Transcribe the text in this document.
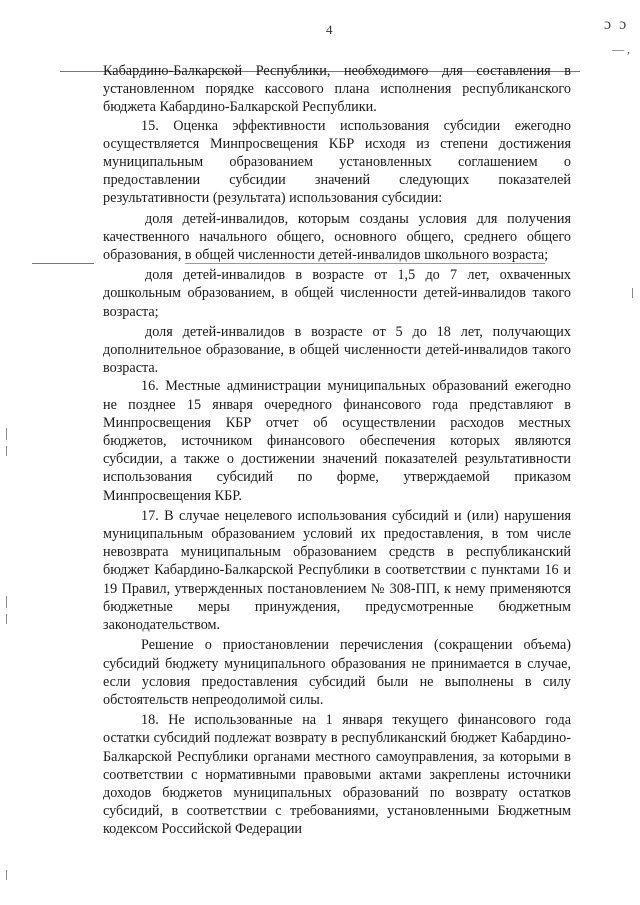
4	ɔ ɔ
— ,

Кабардино-Балкарской Республики, необходимого для составления в установленном порядке кассового плана исполнения республиканского бюджета Кабардино-Балкарской Республики.

15. Оценка эффективности использования субсидии ежегодно осуществляется Минпросвещения КБР исходя из степени достижения муниципальным образованием установленных соглашением о предоставлении субсидии значений следующих показателей результативности (результата) использования субсидии:

доля детей-инвалидов, которым созданы условия для получения качественного начального общего, основного общего, среднего общего образования, в общей численности детей-инвалидов школьного возраста;

доля детей-инвалидов в возрасте от 1,5 до 7 лет, охваченных дошкольным образованием, в общей численности детей-инвалидов такого возраста;

доля детей-инвалидов в возрасте от 5 до 18 лет, получающих дополнительное образование, в общей численности детей-инвалидов такого возраста.

16. Местные администрации муниципальных образований ежегодно не позднее 15 января очередного финансового года представляют в Минпросвещения КБР отчет об осуществлении расходов местных бюджетов, источником финансового обеспечения которых являются субсидии, а также о достижении значений показателей результативности использования субсидий по форме, утверждаемой приказом Минпросвещения КБР.

17. В случае нецелевого использования субсидий и (или) нарушения муниципальным образованием условий их предоставления, в том числе невозврата муниципальным образованием средств в республиканский бюджет Кабардино-Балкарской Республики в соответствии с пунктами 16 и 19 Правил, утвержденных постановлением № 308-ПП, к нему применяются бюджетные меры принуждения, предусмотренные бюджетным законодательством.

Решение о приостановлении перечисления (сокращении объема) субсидий бюджету муниципального образования не принимается в случае, если условия предоставления субсидий были не выполнены в силу обстоятельств непреодолимой силы.

18. Не использованные на 1 января текущего финансового года остатки субсидий подлежат возврату в республиканский бюджет Кабардино-Балкарской Республики органами местного самоуправления, за которыми в соответствии с нормативными правовыми актами закреплены источники доходов бюджетов муниципальных образований по возврату остатков субсидий, в соответствии с требованиями, установленными Бюджетным кодексом Российской Федерации
